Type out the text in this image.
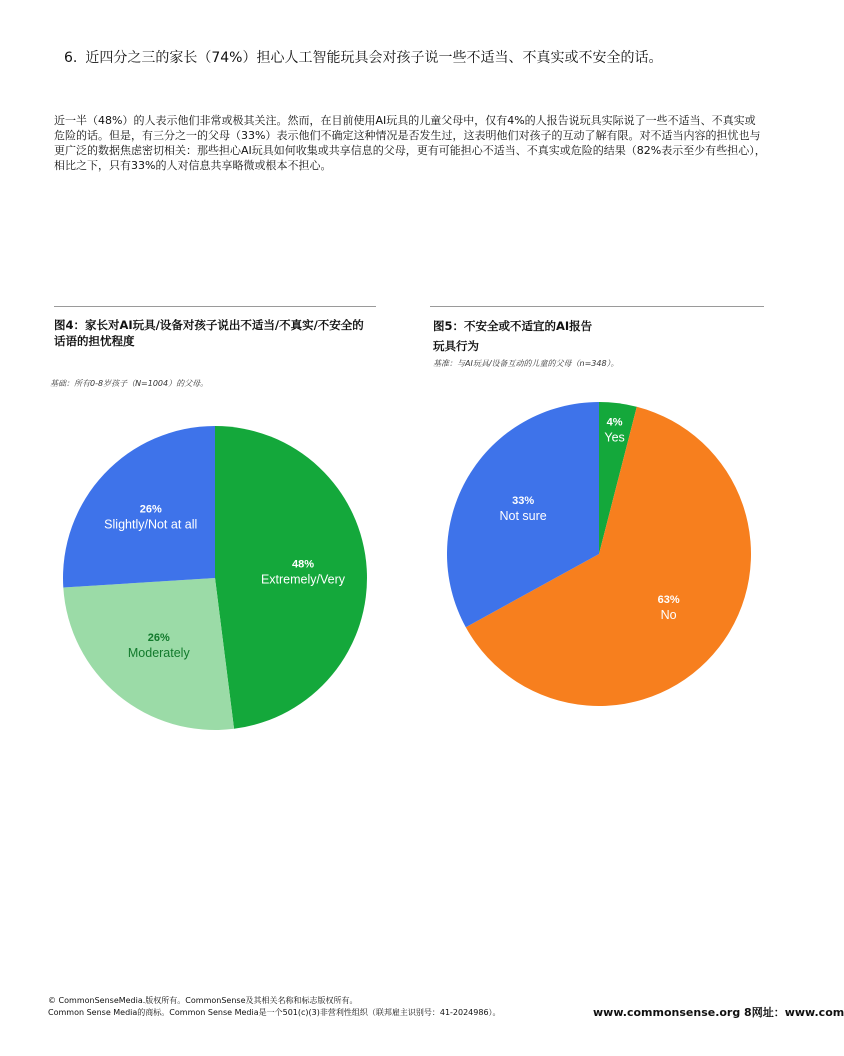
6. 近四分之三的家长（74%）担心人工智能玩具会对孩子说一些不适当、不真实或不安全的话。
近一半（48%）的人表示他们非常或极其关注。然而，在目前使用AI玩具的儿童父母中，仅有4%的人报告说玩具实际说了一些不适当、不真实或危险的话。但是，有三分之一的父母（33%）表示他们不确定这种情况是否发生过，这表明他们对孩子的互动了解有限。对不适当内容的担忧也与更广泛的数据焦虑密切相关：那些担心AI玩具如何收集或共享信息的父母，更有可能担心不适当、不真实或危险的结果（82%表示至少有些担心），相比之下，只有33%的人对信息共享略微或根本不担心。
图4：家长对AI玩具/设备对孩子说出不适当/不真实/不安全的话语的担忧程度
基础：所有0-8岁孩子（N=1004）的父母。
图5：不安全或不适宜的AI报告
玩具行为
基准：与AI玩具/设备互动的儿童的父母（n=348）。
48%
Extremely/Very
26%
Moderately
26%
Slightly/Not at all
4%
Yes
63%
No
33%
Not sure
© CommonSenseMedia.版权所有。CommonSense及其相关名称和标志版权所有。
Common Sense Media的商标。Common Sense Media是一个501(c)(3)非营利性组织（联邦雇主识别号：41-2024986）。	www.commonsense.org 8网址：www.com
